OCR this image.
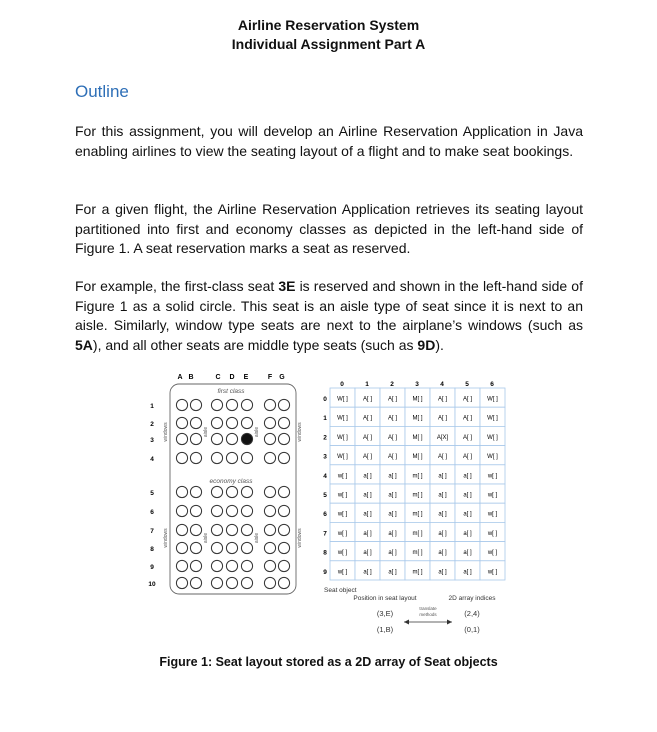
Airline Reservation System
Individual Assignment Part A
Outline
For this assignment, you will develop an Airline Reservation Application in Java enabling airlines to view the seating layout of a flight and to make seat bookings.
For a given flight, the Airline Reservation Application retrieves its seating layout partitioned into first and economy classes as depicted in the left-hand side of Figure 1. A seat reservation marks a seat as reserved.
For example, the first-class seat 3E is reserved and shown in the left-hand side of Figure 1 as a solid circle. This seat is an aisle type of seat since it is next to an aisle. Similarly, window type seats are next to the airplane’s windows (such as 5A), and all other seats are middle type seats (such as 9D).
A B	C D E	F G
first class
economy class
1
2
3
4
5
6
7
8
9
10
windows	windows
aisle	aisle
windows	windows
aisle	aisle
0	1	2	3	4	5	6
0
1
2
3
4
5
6
7
8
9
W[ ]	A[ ]	A[ ]	M[ ]	A[ ]	A[ ]	W[ ]
W[ ]	A[ ]	A[ ]	M[ ]	A[ ]	A[ ]	W[ ]
W[ ]	A[ ]	A[ ]	M[ ] A[X] A[ ]	W[ ]
W[ ]	A[ ]	A[ ]	M[ ]	A[ ]	A[ ]	W[ ]
w[ ]	a[ ]	a[ ]	m[ ]	a[ ]	a[ ]	w[ ]
w[ ]	a[ ]	a[ ]	m[ ]	a[ ]	a[ ]	w[ ]
w[ ]	a[ ]	a[ ]	m[ ]	a[ ]	a[ ]	w[ ]
w[ ]	a[ ]	a[ ]	m[ ]	a[ ]	a[ ]	w[ ]
w[ ]	a[ ]	a[ ]	m[ ]	a[ ]	a[ ]	w[ ]
w[ ]	a[ ]	a[ ]	m[ ]	a[ ]	a[ ]	w[ ]
Seat object
Position in seat layout	2D array indices
(3,E)
(1,B)
(2,4)
(0,1)
translate
methods
Figure 1: Seat layout stored as a 2D array of Seat objects
